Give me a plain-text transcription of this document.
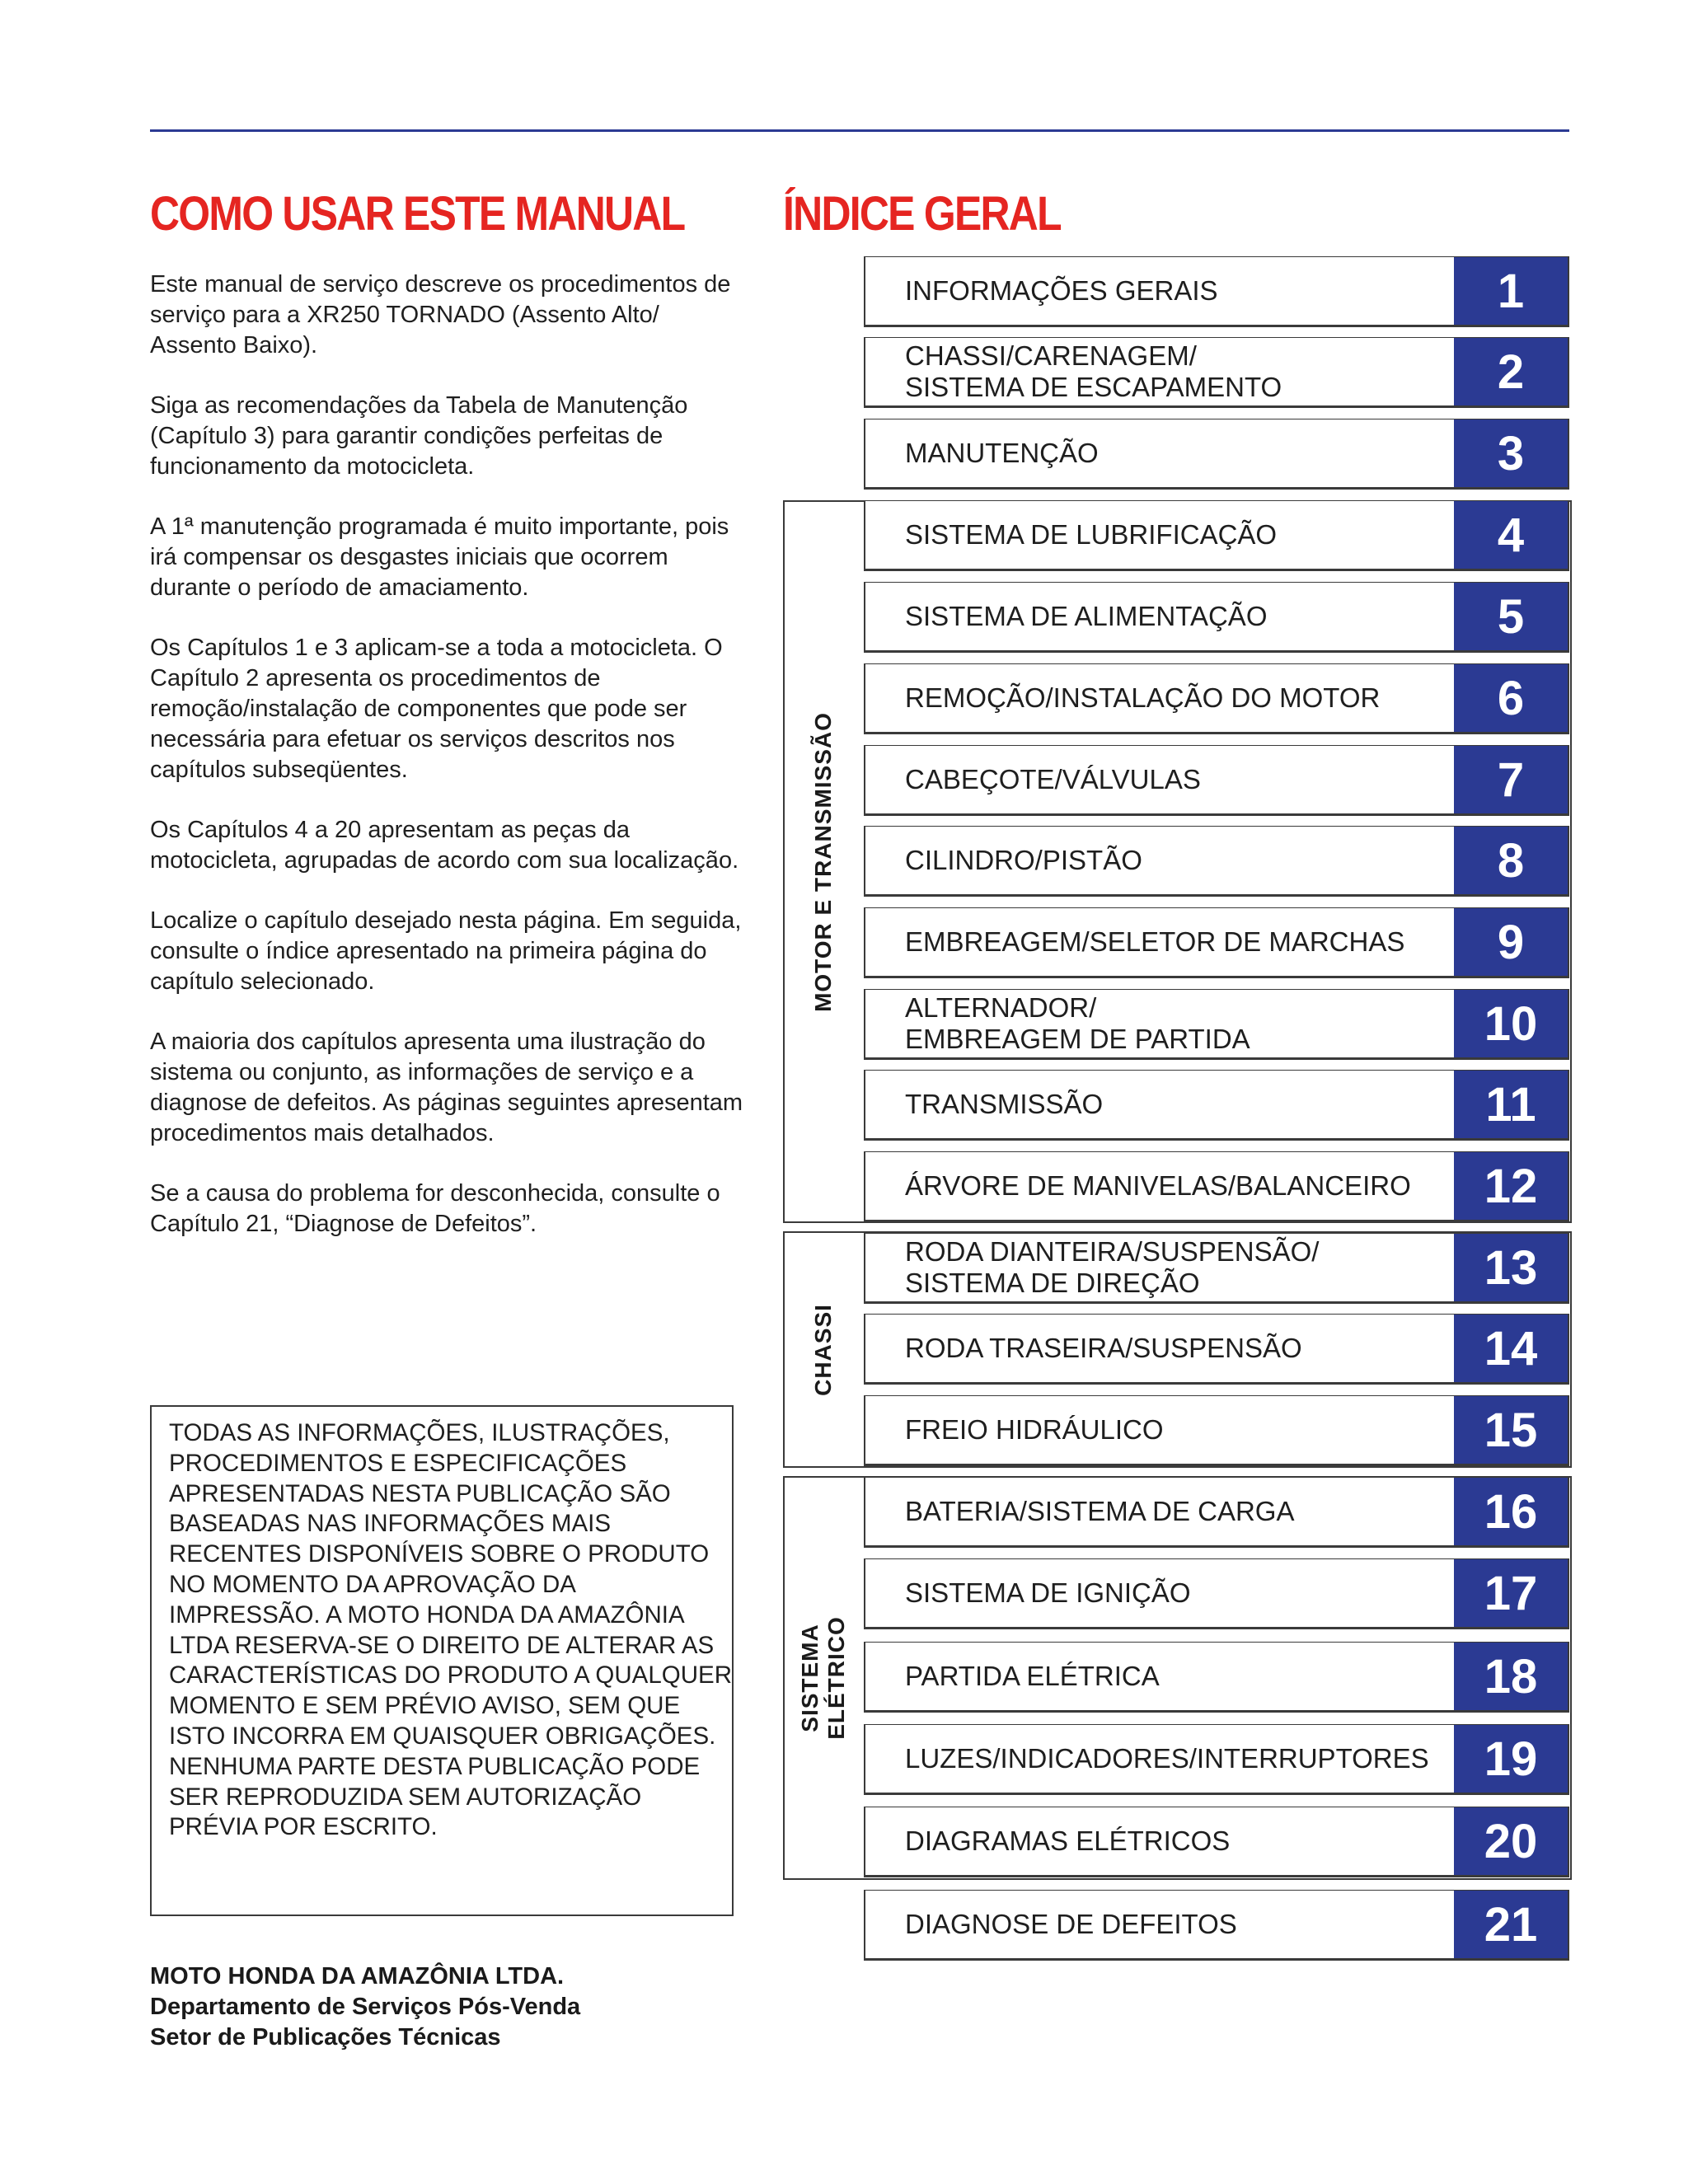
COMO USAR ESTE MANUAL

Este manual de serviço descreve os procedimentos de serviço para a XR250 TORNADO (Assento Alto/ Assento Baixo).

Siga as recomendações da Tabela de Manutenção (Capítulo 3) para garantir condições perfeitas de funcionamento da motocicleta.

A 1ª manutenção programada é muito importante, pois irá compensar os desgastes iniciais que ocorrem durante o período de amaciamento.

Os Capítulos 1 e 3 aplicam-se a toda a motocicleta. O Capítulo 2 apresenta os procedimentos de remoção/instalação de componentes que pode ser necessária para efetuar os serviços descritos nos capítulos subseqüentes.

Os Capítulos 4 a 20 apresentam as peças da motocicleta, agrupadas de acordo com sua localização.

Localize o capítulo desejado nesta página. Em seguida, consulte o índice apresentado na primeira página do capítulo selecionado.

A maioria dos capítulos apresenta uma ilustração do sistema ou conjunto, as informações de serviço e a diagnose de defeitos. As páginas seguintes apresentam procedimentos mais detalhados.

Se a causa do problema for desconhecida, consulte o Capítulo 21, “Diagnose de Defeitos”.

TODAS AS INFORMAÇÕES, ILUSTRAÇÕES, PROCEDIMENTOS E ESPECIFICAÇÕES APRESENTADAS NESTA PUBLICAÇÃO SÃO BASEADAS NAS INFORMAÇÕES MAIS RECENTES DISPONÍVEIS SOBRE O PRODUTO NO MOMENTO DA APROVAÇÃO DA IMPRESSÃO. A MOTO HONDA DA AMAZÔNIA LTDA RESERVA-SE O DIREITO DE ALTERAR AS CARACTERÍSTICAS DO PRODUTO A QUALQUER MOMENTO E SEM PRÉVIO AVISO, SEM QUE ISTO INCORRA EM QUAISQUER OBRIGAÇÕES. NENHUMA PARTE DESTA PUBLICAÇÃO PODE SER REPRODUZIDA SEM AUTORIZAÇÃO PRÉVIA POR ESCRITO.

MOTO HONDA DA AMAZÔNIA LTDA.
Departamento de Serviços Pós-Venda
Setor de Publicações Técnicas
ÍNDICE GERAL
MOTOR E TRANSMISSÃO
CHASSI
SISTEMA
ELÉTRICO
INFORMAÇÕES GERAIS	1
CHASSI/CARENAGEM/
SISTEMA DE ESCAPAMENTO	2
MANUTENÇÃO	3
SISTEMA DE LUBRIFICAÇÃO	4
SISTEMA DE ALIMENTAÇÃO	5
REMOÇÃO/INSTALAÇÃO DO MOTOR	6
CABEÇOTE/VÁLVULAS	7
CILINDRO/PISTÃO	8
EMBREAGEM/SELETOR DE MARCHAS	9
ALTERNADOR/
EMBREAGEM DE PARTIDA	10
TRANSMISSÃO	11
ÁRVORE DE MANIVELAS/BALANCEIRO	12
RODA DIANTEIRA/SUSPENSÃO/
SISTEMA DE DIREÇÃO	13
RODA TRASEIRA/SUSPENSÃO	14
FREIO HIDRÁULICO	15
BATERIA/SISTEMA DE CARGA	16
SISTEMA DE IGNIÇÃO	17
PARTIDA ELÉTRICA	18
LUZES/INDICADORES/INTERRUPTORES	19
DIAGRAMAS ELÉTRICOS	20
DIAGNOSE DE DEFEITOS	21
